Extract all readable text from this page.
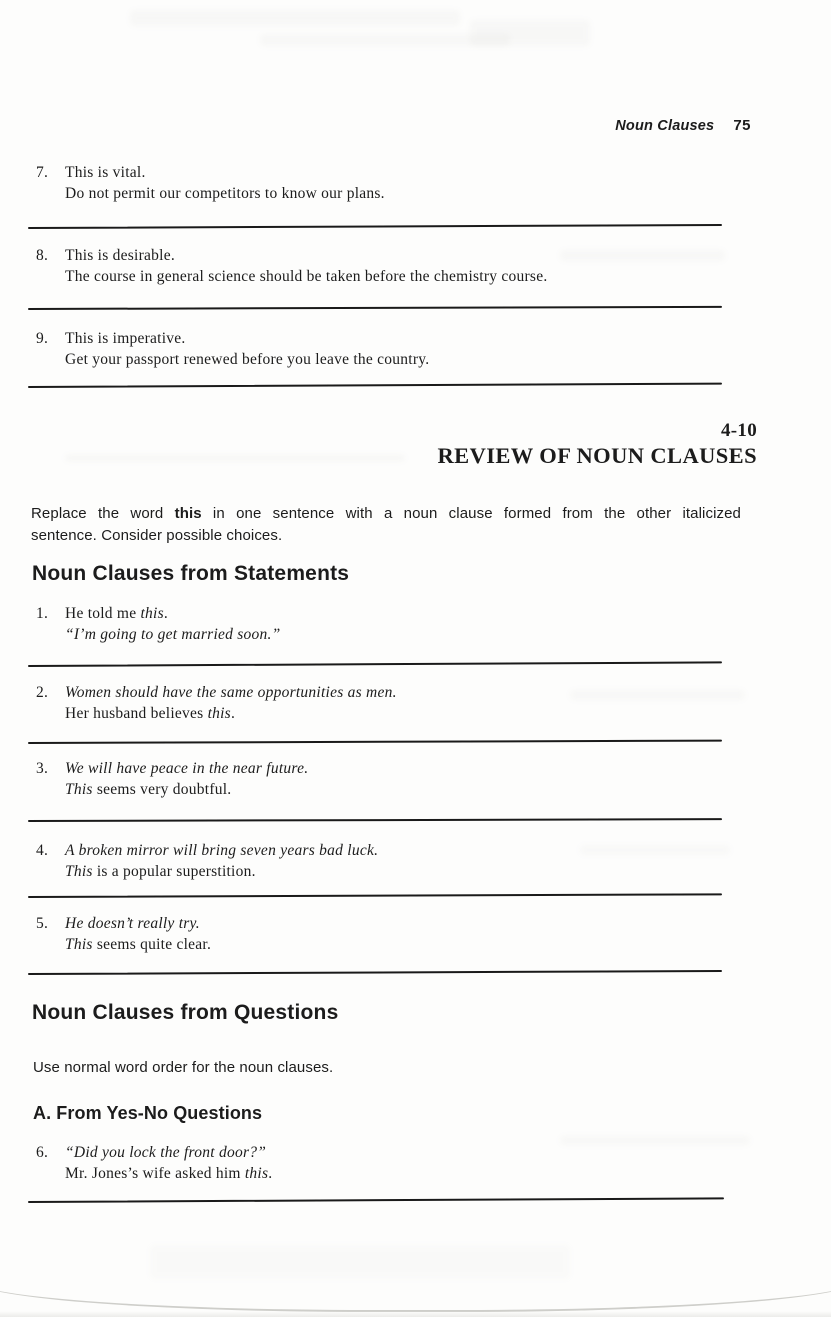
Noun Clauses 75
7.	This is vital.
Do not permit our competitors to know our plans.
8.	This is desirable.
The course in general science should be taken before the chemistry course.
9.	This is imperative.
Get your passport renewed before you leave the country.
4-10
REVIEW OF NOUN CLAUSES
Replace the word this in one sentence with a noun clause formed from the other italicized
sentence. Consider possible choices.
Noun Clauses from Statements
1.	He told me this.
“I’m going to get married soon.”
2.	Women should have the same opportunities as men.
Her husband believes this.
3.	We will have peace in the near future.
This seems very doubtful.
4.	A broken mirror will bring seven years bad luck.
This is a popular superstition.
5.	He doesn’t really try.
This seems quite clear.
Noun Clauses from Questions
Use normal word order for the noun clauses.
A. From Yes-No Questions
6.	“Did you lock the front door?”
Mr. Jones’s wife asked him this.
